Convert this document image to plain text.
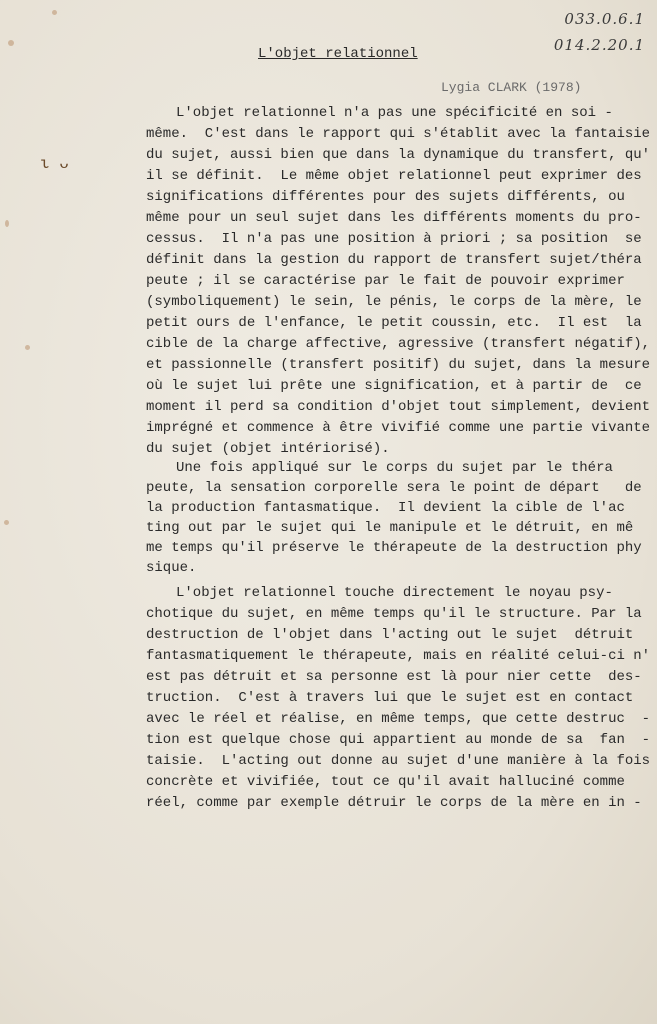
033.0.6.1
014.2.20.1
L'objet relationnel
Lygia CLARK (1978)
ι ᴗ
L'objet relationnel n'a pas une spécificité en soi -
même.  C'est dans le rapport qui s'établit avec la fantaisie
du sujet, aussi bien que dans la dynamique du transfert, qu'
il se définit.  Le même objet relationnel peut exprimer des
significations différentes pour des sujets différents, ou
même pour un seul sujet dans les différents moments du pro-
cessus.  Il n'a pas une position à priori ; sa position  se
définit dans la gestion du rapport de transfert sujet/théra
peute ; il se caractérise par le fait de pouvoir exprimer
(symboliquement) le sein, le pénis, le corps de la mère, le
petit ours de l'enfance, le petit coussin, etc.  Il est  la
cible de la charge affective, agressive (transfert négatif),
et passionnelle (transfert positif) du sujet, dans la mesure
où le sujet lui prête une signification, et à partir de  ce
moment il perd sa condition d'objet tout simplement, devient
imprégné et commence à être vivifié comme une partie vivante
du sujet (objet intériorisé).
Une fois appliqué sur le corps du sujet par le théra
peute, la sensation corporelle sera le point de départ   de
la production fantasmatique.  Il devient la cible de l'ac
ting out par le sujet qui le manipule et le détruit, en mê
me temps qu'il préserve le thérapeute de la destruction phy
sique.
L'objet relationnel touche directement le noyau psy-
chotique du sujet, en même temps qu'il le structure. Par la
destruction de l'objet dans l'acting out le sujet  détruit
fantasmatiquement le thérapeute, mais en réalité celui-ci n'
est pas détruit et sa personne est là pour nier cette  des-
truction.  C'est à travers lui que le sujet est en contact
avec le réel et réalise, en même temps, que cette destruc  -
tion est quelque chose qui appartient au monde de sa  fan  -
taisie.  L'acting out donne au sujet d'une manière à la fois
concrète et vivifiée, tout ce qu'il avait halluciné comme
réel, comme par exemple détruir le corps de la mère en in -
